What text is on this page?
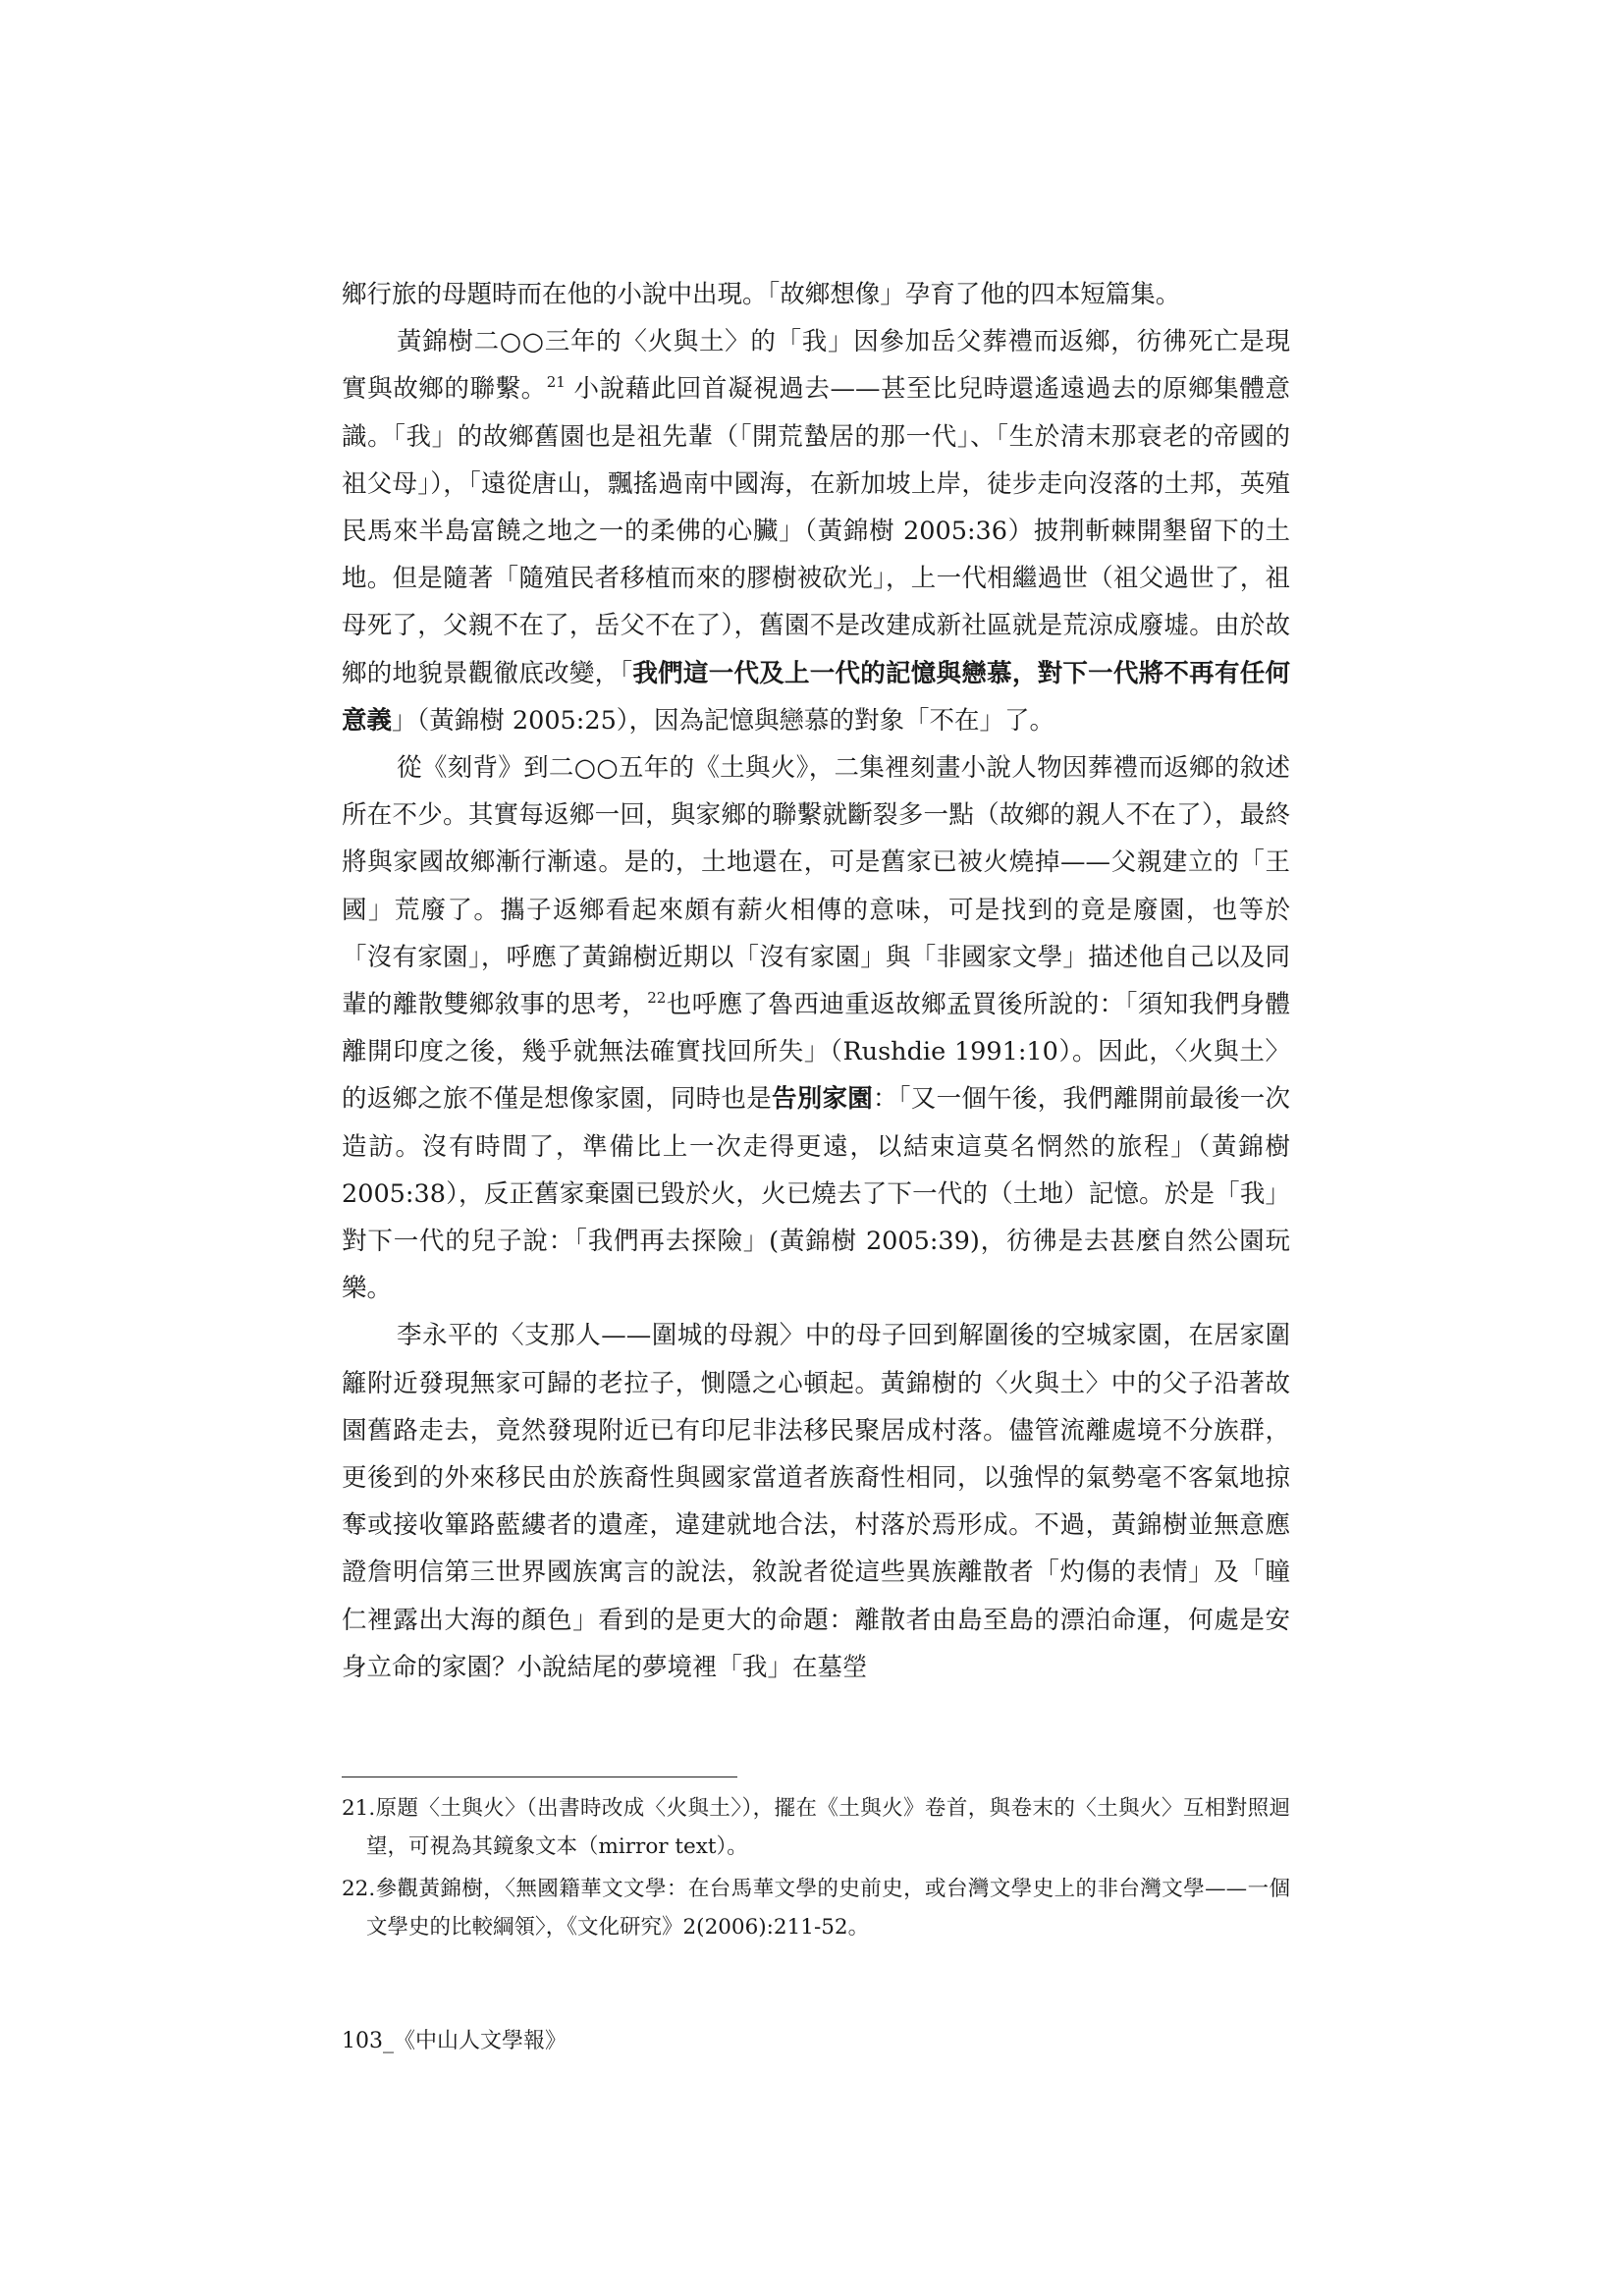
鄉行旅的母題時而在他的小說中出現。「故鄉想像」孕育了他的四本短篇集。

黃錦樹二○○三年的〈火與土〉的「我」因參加岳父葬禮而返鄉，彷彿死亡是現實與故鄉的聯繫。$^{21}$ 小說藉此回首凝視過去——甚至比兒時還遙遠過去的原鄉集體意識。「我」的故鄉舊園也是祖先輩（「開荒蟄居的那一代」、「生於清末那衰老的帝國的祖父母」），「遠從唐山，飄搖過南中國海，在新加坡上岸，徒步走向沒落的土邦，英殖民馬來半島富饒之地之一的柔佛的心臟」（黃錦樹 2005:36）披荆斬棘開墾留下的土地。但是隨著「隨殖民者移植而來的膠樹被砍光」，上一代相繼過世（祖父過世了，祖母死了，父親不在了，岳父不在了），舊園不是改建成新社區就是荒涼成廢墟。由於故鄉的地貌景觀徹底改變，「我們這一代及上一代的記憶與戀慕，對下一代將不再有任何意義」（黃錦樹 2005:25），因為記憶與戀慕的對象「不在」了。

從《刻背》到二○○五年的《土與火》，二集裡刻畫小說人物因葬禮而返鄉的敘述所在不少。其實每返鄉一回，與家鄉的聯繫就斷裂多一點（故鄉的親人不在了），最終將與家國故鄉漸行漸遠。是的，土地還在，可是舊家已被火燒掉——父親建立的「王國」荒廢了。攜子返鄉看起來頗有薪火相傳的意味，可是找到的竟是廢園，也等於「沒有家園」，呼應了黃錦樹近期以「沒有家園」與「非國家文學」描述他自己以及同輩的離散雙鄉敘事的思考，$^{22}$也呼應了魯西迪重返故鄉孟買後所說的：「須知我們身體離開印度之後，幾乎就無法確實找回所失」（Rushdie 1991:10）。因此，〈火與土〉的返鄉之旅不僅是想像家園，同時也是告別家園：「又一個午後，我們離開前最後一次造訪。沒有時間了，準備比上一次走得更遠，以結束這莫名惘然的旅程」（黃錦樹 2005:38），反正舊家棄園已毀於火，火已燒去了下一代的（土地）記憶。於是「我」對下一代的兒子說：「我們再去探險」(黃錦樹 2005:39)，彷彿是去甚麼自然公園玩樂。

李永平的〈支那人——圍城的母親〉中的母子回到解圍後的空城家園，在居家圍籬附近發現無家可歸的老拉子，惻隱之心頓起。黃錦樹的〈火與土〉中的父子沿著故園舊路走去，竟然發現附近已有印尼非法移民聚居成村落。儘管流離處境不分族群，更後到的外來移民由於族裔性與國家當道者族裔性相同，以強悍的氣勢毫不客氣地掠奪或接收篳路藍縷者的遺產，違建就地合法，村落於焉形成。不過，黃錦樹並無意應證詹明信第三世界國族寓言的說法，敘說者從這些異族離散者「灼傷的表情」及「瞳仁裡露出大海的顏色」看到的是更大的命題：離散者由島至島的漂泊命運，何處是安身立命的家園？小說結尾的夢境裡「我」在墓塋

21.原題〈土與火〉（出書時改成〈火與土〉），擺在《土與火》卷首，與卷末的〈土與火〉互相對照迴望，可視為其鏡象文本（mirror text）。

22.參觀黃錦樹，〈無國籍華文文學：在台馬華文學的史前史，或台灣文學史上的非台灣文學——一個文學史的比較綱領〉，《文化研究》2(2006):211-52。

103_《中山人文學報》
